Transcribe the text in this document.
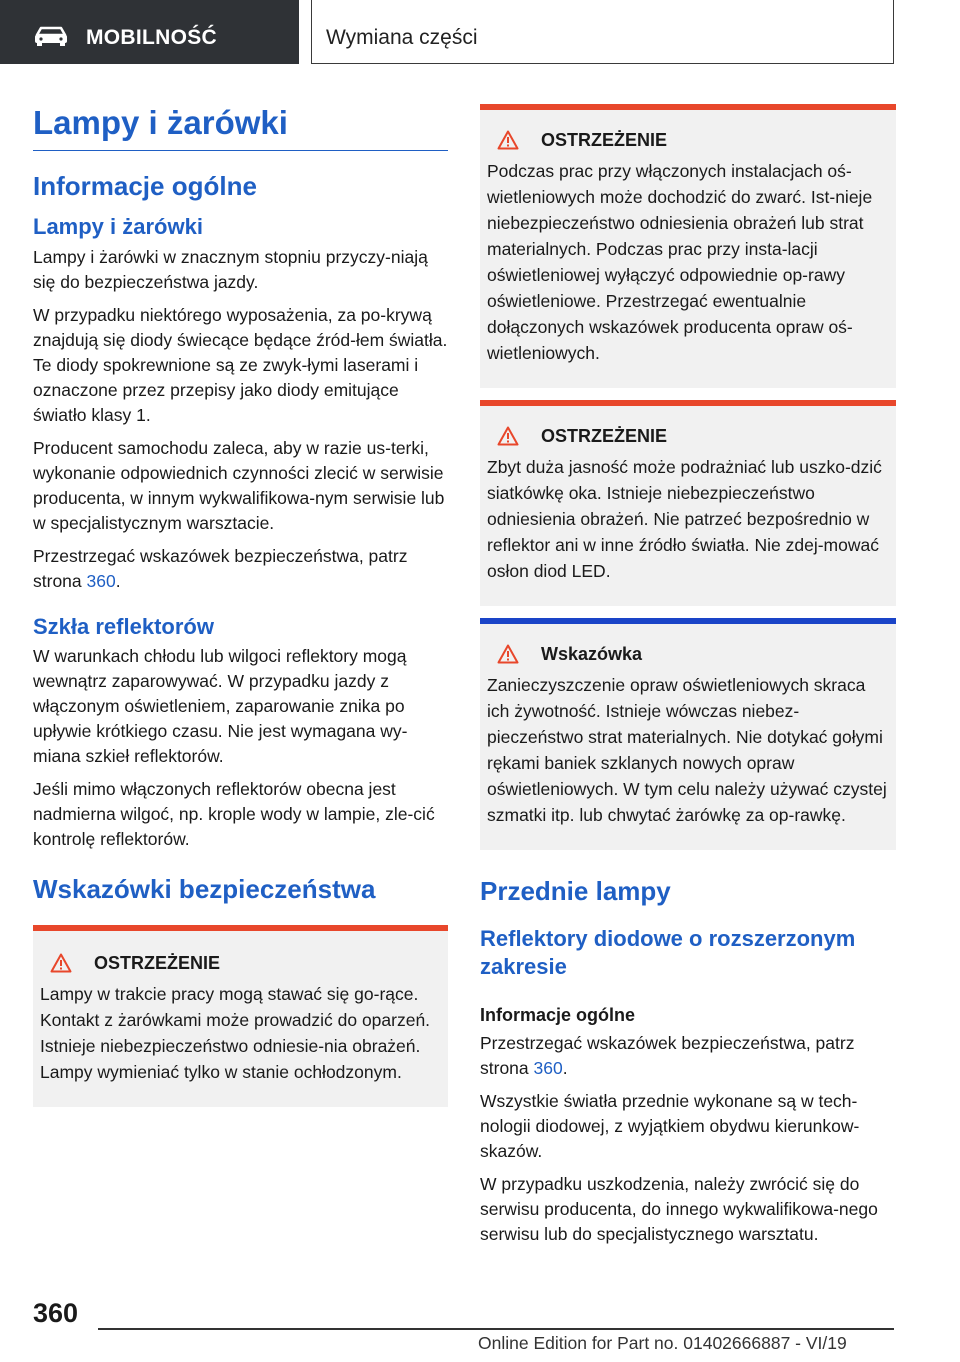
MOBILNOŚĆ	Wymiana części
Lampy i żarówki
Informacje ogólne
Lampy i żarówki

Lampy i żarówki w znacznym stopniu przyczy-niają się do bezpieczeństwa jazdy.

W przypadku niektórego wyposażenia, za po-krywą znajdują się diody świecące będące źród-łem światła. Te diody spokrewnione są ze zwyk-łymi laserami i oznaczone przez przepisy jako diody emitujące światło klasy 1.

Producent samochodu zaleca, aby w razie us-terki, wykonanie odpowiednich czynności zlecić w serwisie producenta, w innym wykwalifikowa-nym serwisie lub w specjalistycznym warsztacie.

Przestrzegać wskazówek bezpieczeństwa, patrz strona 360.

Szkła reflektorów

W warunkach chłodu lub wilgoci reflektory mogą wewnątrz zaparowywać. W przypadku jazdy z włączonym oświetleniem, zaparowanie znika po upływie krótkiego czasu. Nie jest wymagana wy-miana szkieł reflektorów.

Jeśli mimo włączonych reflektorów obecna jest nadmierna wilgoć, np. krople wody w lampie, zle-cić kontrolę reflektorów.

Wskazówki bezpieczeństwa
OSTRZEŻENIE

Lampy w trakcie pracy mogą stawać się go-rące. Kontakt z żarówkami może prowadzić do oparzeń. Istnieje niebezpieczeństwo odniesie-nia obrażeń. Lampy wymieniać tylko w stanie ochłodzonym.

OSTRZEŻENIE

Podczas prac przy włączonych instalacjach oś-wietleniowych może dochodzić do zwarć. Ist-nieje niebezpieczeństwo odniesienia obrażeń lub strat materialnych. Podczas prac przy insta-lacji oświetleniowej wyłączyć odpowiednie op-rawy oświetleniowe. Przestrzegać ewentualnie dołączonych wskazówek producenta opraw oś-wietleniowych.

OSTRZEŻENIE

Zbyt duża jasność może podrażniać lub uszko-dzić siatkówkę oka. Istnieje niebezpieczeństwo odniesienia obrażeń. Nie patrzeć bezpośrednio w reflektor ani w inne źródło światła. Nie zdej-mować osłon diod LED.

Wskazówka

Zanieczyszczenie opraw oświetleniowych skraca ich żywotność. Istnieje wówczas niebez-pieczeństwo strat materialnych. Nie dotykać gołymi rękami baniek szklanych nowych opraw oświetleniowych. W tym celu należy używać czystej szmatki itp. lub chwytać żarówkę za op-rawkę.

Przednie lampy
Reflektory diodowe o rozszerzonym zakresie
Informacje ogólne

Przestrzegać wskazówek bezpieczeństwa, patrz strona 360.

Wszystkie światła przednie wykonane są w tech-nologii diodowej, z wyjątkiem obydwu kierunkow-skazów.

W przypadku uszkodzenia, należy zwrócić się do serwisu producenta, do innego wykwalifikowa-nego serwisu lub do specjalistycznego warsztatu.

360
Online Edition for Part no. 01402666887 - VI/19
